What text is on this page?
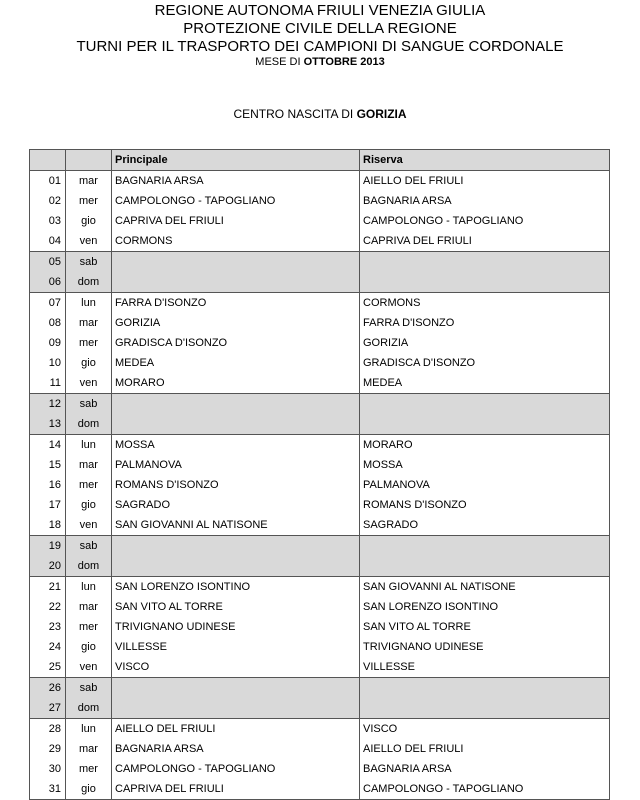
REGIONE AUTONOMA FRIULI VENEZIA GIULIA
PROTEZIONE CIVILE DELLA REGIONE
TURNI PER IL TRASPORTO DEI CAMPIONI DI SANGUE CORDONALE
MESE DI OTTOBRE 2013
CENTRO NASCITA DI GORIZIA
		Principale	Riserva
01	mar	BAGNARIA ARSA	AIELLO DEL FRIULI
02	mer	CAMPOLONGO - TAPOGLIANO	BAGNARIA ARSA
03	gio	CAPRIVA DEL FRIULI	CAMPOLONGO - TAPOGLIANO
04	ven	CORMONS	CAPRIVA DEL FRIULI
05	sab		
06	dom		
07	lun	FARRA D'ISONZO	CORMONS
08	mar	GORIZIA	FARRA D'ISONZO
09	mer	GRADISCA D'ISONZO	GORIZIA
10	gio	MEDEA	GRADISCA D'ISONZO
11	ven	MORARO	MEDEA
12	sab		
13	dom		
14	lun	MOSSA	MORARO
15	mar	PALMANOVA	MOSSA
16	mer	ROMANS D'ISONZO	PALMANOVA
17	gio	SAGRADO	ROMANS D'ISONZO
18	ven	SAN GIOVANNI AL NATISONE	SAGRADO
19	sab		
20	dom		
21	lun	SAN LORENZO ISONTINO	SAN GIOVANNI AL NATISONE
22	mar	SAN VITO AL TORRE	SAN LORENZO ISONTINO
23	mer	TRIVIGNANO UDINESE	SAN VITO AL TORRE
24	gio	VILLESSE	TRIVIGNANO UDINESE
25	ven	VISCO	VILLESSE
26	sab		
27	dom		
28	lun	AIELLO DEL FRIULI	VISCO
29	mar	BAGNARIA ARSA	AIELLO DEL FRIULI
30	mer	CAMPOLONGO - TAPOGLIANO	BAGNARIA ARSA
31	gio	CAPRIVA DEL FRIULI	CAMPOLONGO - TAPOGLIANO
